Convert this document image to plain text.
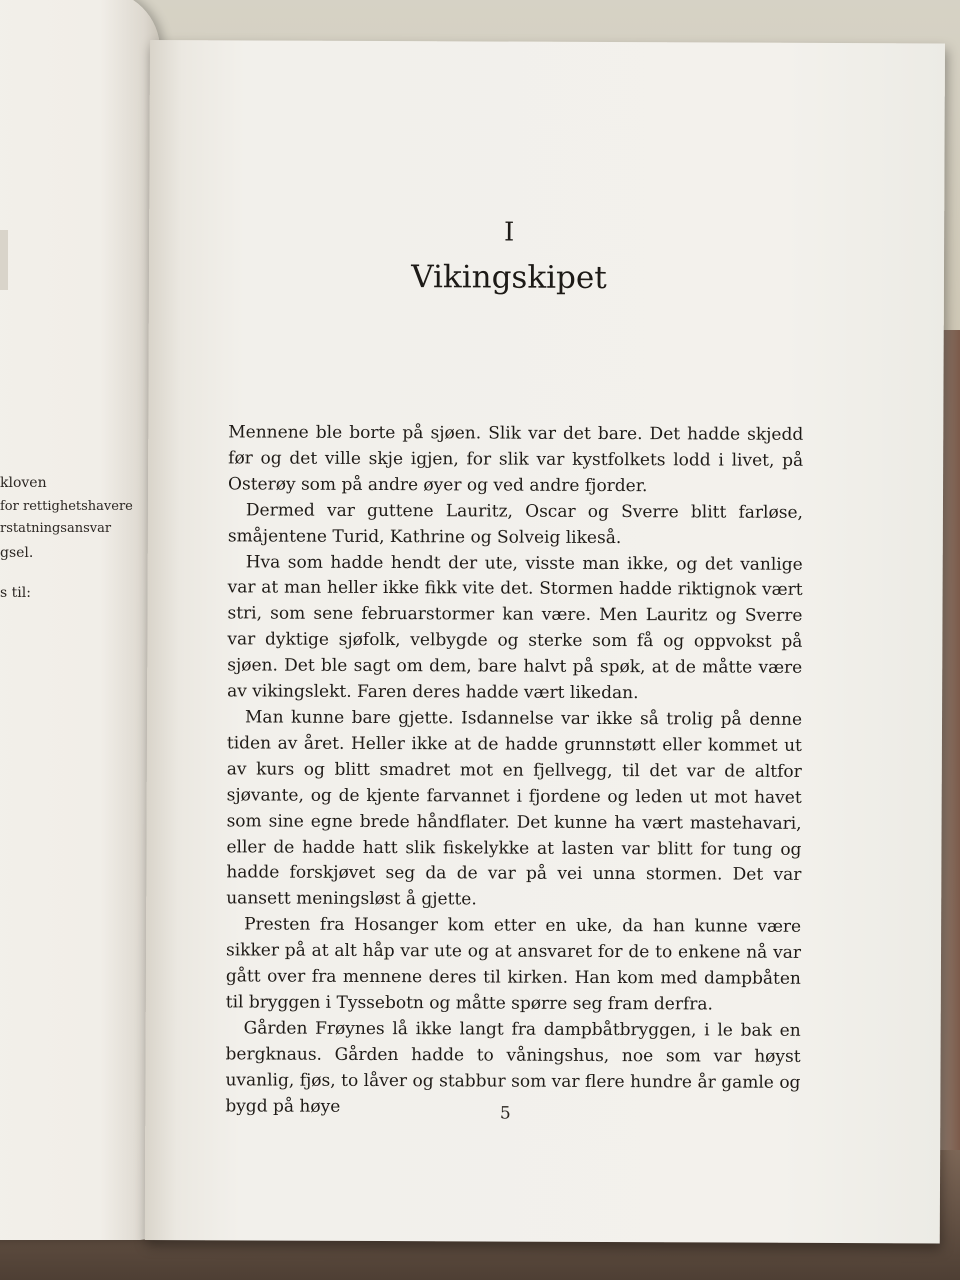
kloven
for rettighetshavere
rstatningsansvar
gsel.
s til:
I
Vikingskipet

Mennene ble borte på sjøen. Slik var det bare. Det hadde skjedd før og det ville skje igjen, for slik var kystfolkets lodd i livet, på Osterøy som på andre øyer og ved andre fjorder.

Dermed var guttene Lauritz, Oscar og Sverre blitt farløse, småjentene Turid, Kathrine og Solveig likeså.

Hva som hadde hendt der ute, visste man ikke, og det vanlige var at man heller ikke fikk vite det. Stormen hadde riktignok vært stri, som sene februarstormer kan være. Men Lauritz og Sverre var dyktige sjøfolk, velbygde og sterke som få og oppvokst på sjøen. Det ble sagt om dem, bare halvt på spøk, at de måtte være av vikingslekt. Faren deres hadde vært likedan.

Man kunne bare gjette. Isdannelse var ikke så trolig på denne tiden av året. Heller ikke at de hadde grunnstøtt eller kommet ut av kurs og blitt smadret mot en fjellvegg, til det var de altfor sjøvante, og de kjente farvannet i fjordene og leden ut mot havet som sine egne brede håndflater. Det kunne ha vært mastehavari, eller de hadde hatt slik fiskelykke at lasten var blitt for tung og hadde forskjøvet seg da de var på vei unna stormen. Det var uansett meningsløst å gjette.

Presten fra Hosanger kom etter en uke, da han kunne være sikker på at alt håp var ute og at ansvaret for de to enkene nå var gått over fra mennene deres til kirken. Han kom med dampbåten til bryggen i Tyssebotn og måtte spørre seg fram derfra.

Gården Frøynes lå ikke langt fra dampbåtbryggen, i le bak en bergknaus. Gården hadde to våningshus, noe som var høyst uvanlig, fjøs, to låver og stabbur som var flere hundre år gamle og bygd på høye	5
